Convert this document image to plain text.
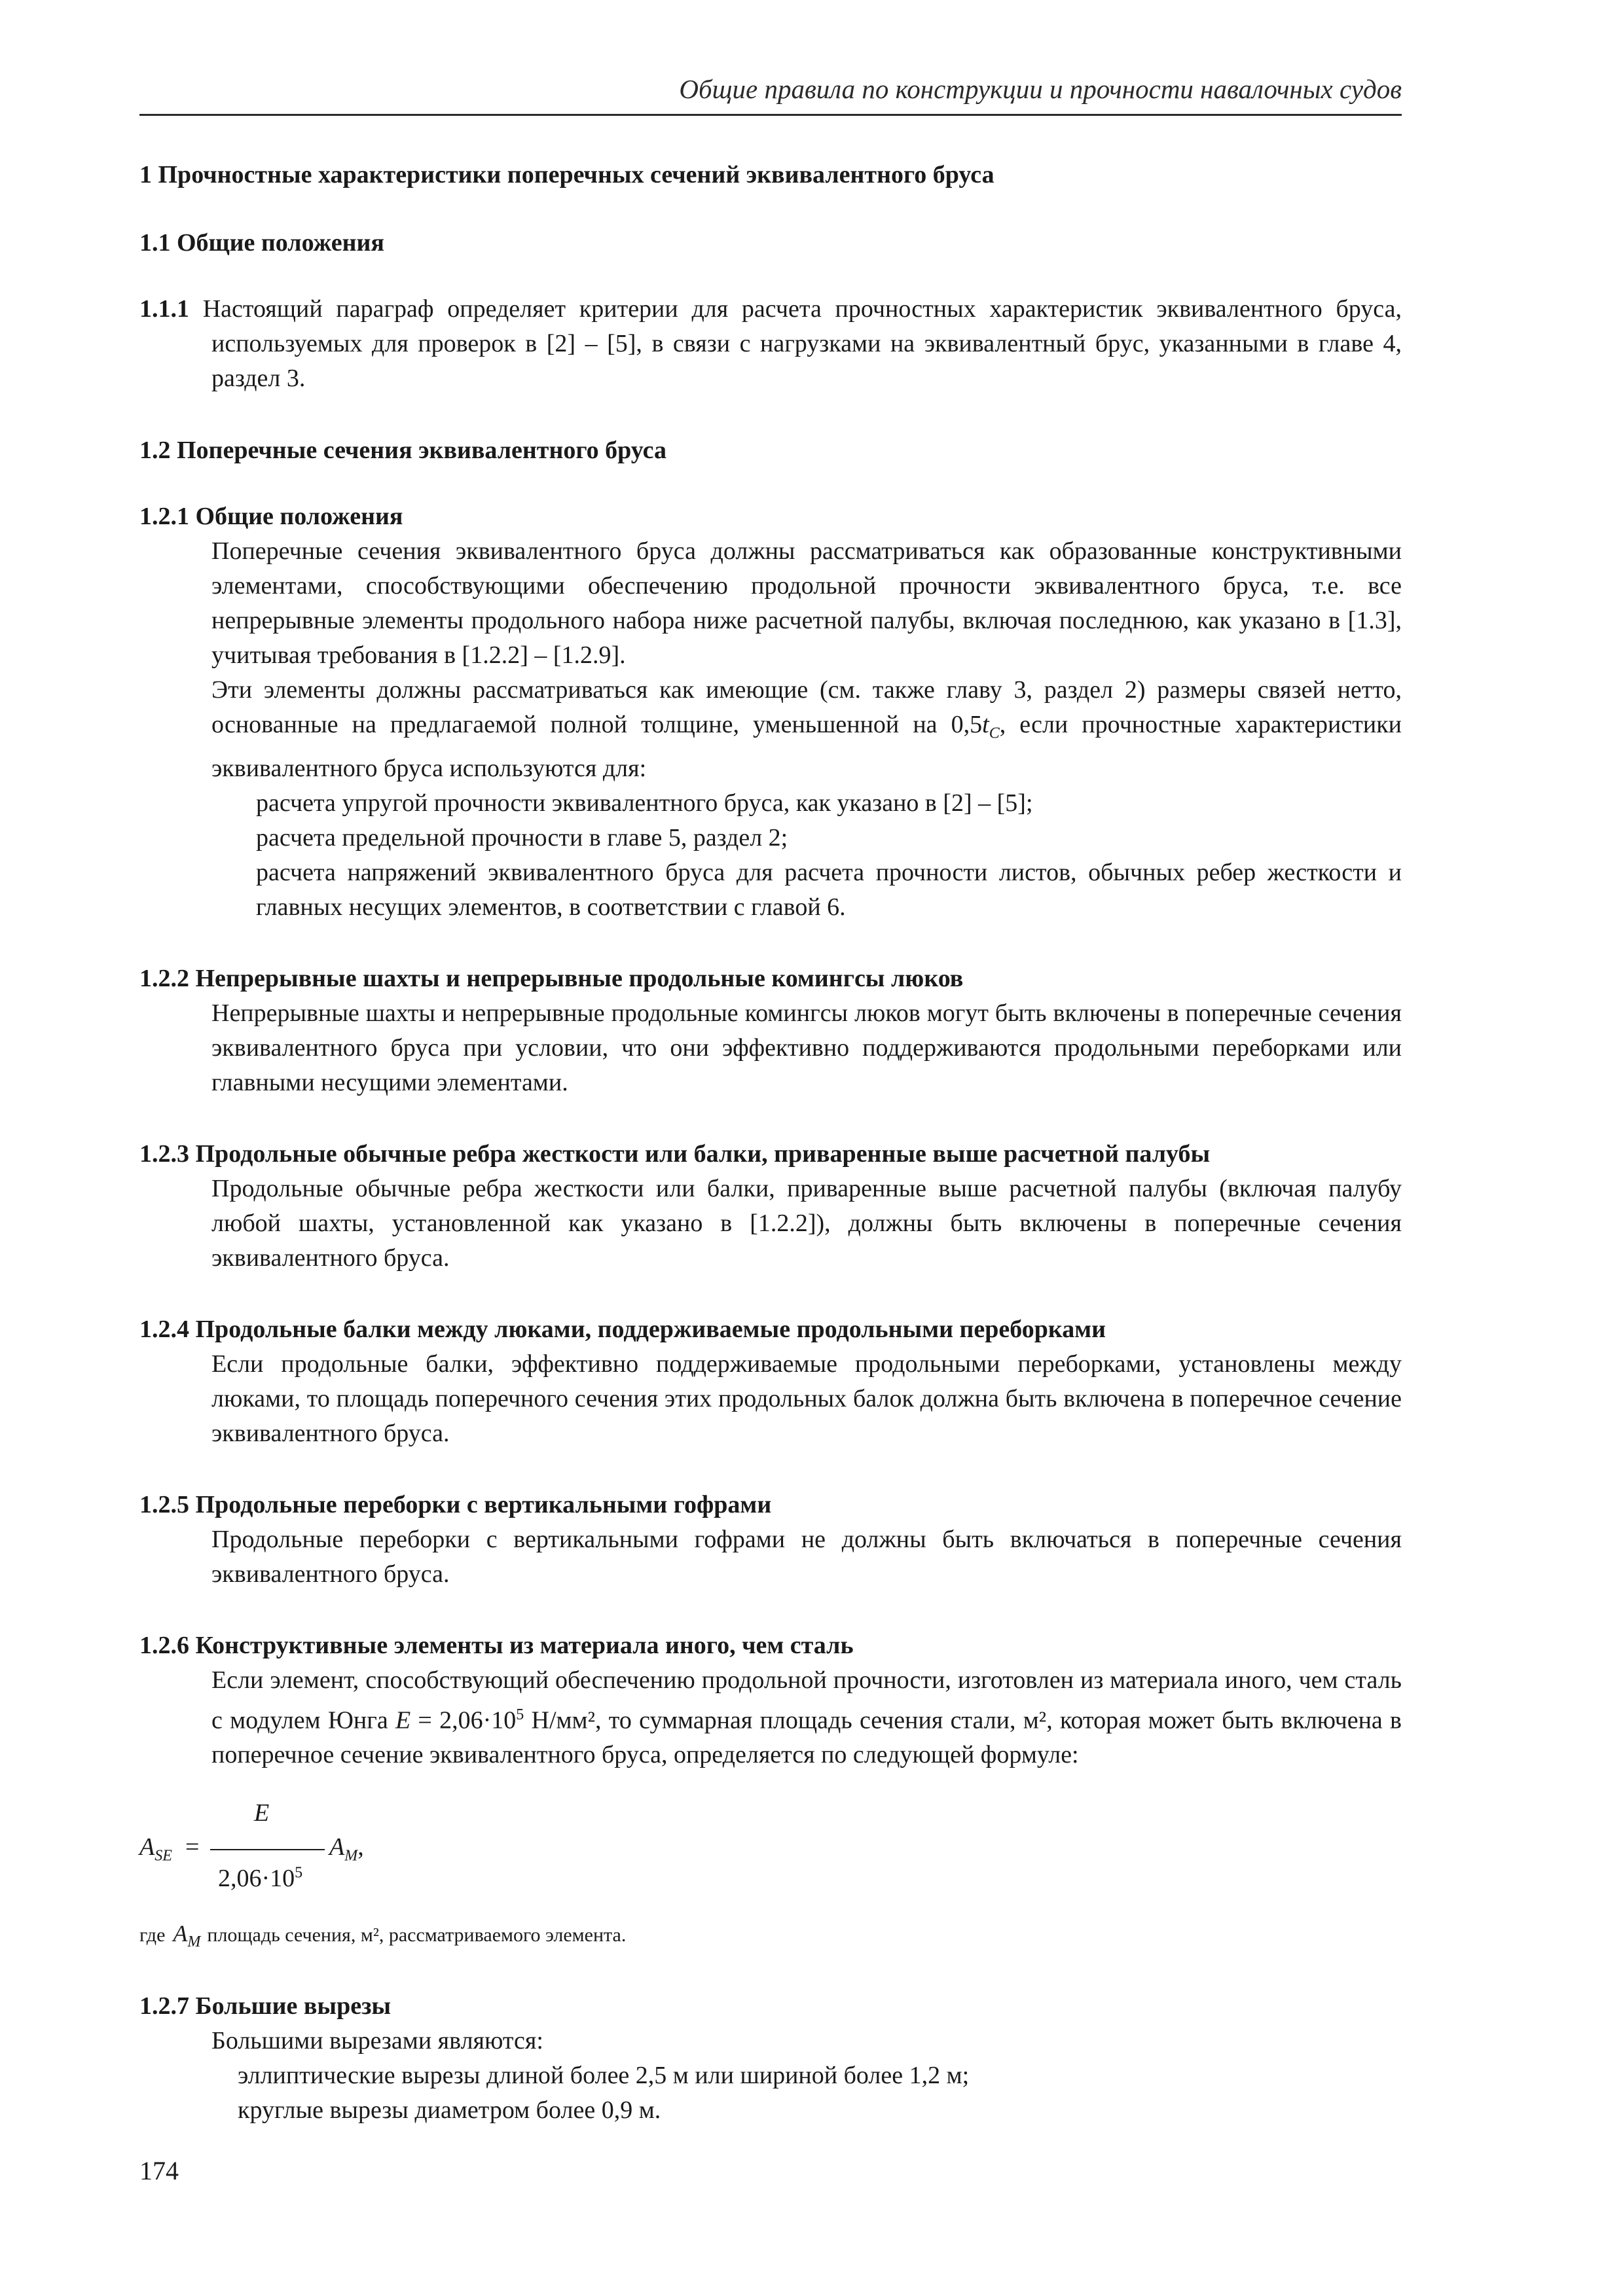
Общие правила по конструкции и прочности навалочных судов
1 Прочностные характеристики поперечных сечений эквивалентного бруса
1.1 Общие положения
1.1.1 Настоящий параграф определяет критерии для расчета прочностных характеристик эквивалентного бруса, используемых для проверок в [2] – [5], в связи с нагрузками на эквивалентный брус, указанными в главе 4, раздел 3.
1.2 Поперечные сечения эквивалентного бруса
1.2.1 Общие положения
Поперечные сечения эквивалентного бруса должны рассматриваться как образованные конструктивными элементами, способствующими обеспечению продольной прочности эквивалентного бруса, т.е. все непрерывные элементы продольного набора ниже расчетной палубы, включая последнюю, как указано в [1.3], учитывая требования в [1.2.2] – [1.2.9].
Эти элементы должны рассматриваться как имеющие (см. также главу 3, раздел 2) размеры связей нетто, основанные на предлагаемой полной толщине, уменьшенной на $0,5t_C$, если прочностные характеристики эквивалентного бруса используются для:
расчета упругой прочности эквивалентного бруса, как указано в [2] – [5];
расчета предельной прочности в главе 5, раздел 2;
расчета напряжений эквивалентного бруса для расчета прочности листов, обычных ребер жесткости и главных несущих элементов, в соответствии с главой 6.
1.2.2 Непрерывные шахты и непрерывные продольные комингсы люков
Непрерывные шахты и непрерывные продольные комингсы люков могут быть включены в поперечные сечения эквивалентного бруса при условии, что они эффективно поддерживаются продольными переборками или главными несущими элементами.
1.2.3 Продольные обычные ребра жесткости или балки, приваренные выше расчетной палубы
Продольные обычные ребра жесткости или балки, приваренные выше расчетной палубы (включая палубу любой шахты, установленной как указано в [1.2.2]), должны быть включены в поперечные сечения эквивалентного бруса.
1.2.4 Продольные балки между люками, поддерживаемые продольными переборками
Если продольные балки, эффективно поддерживаемые продольными переборками, установлены между люками, то площадь поперечного сечения этих продольных балок должна быть включена в поперечное сечение эквивалентного бруса.
1.2.5 Продольные переборки с вертикальными гофрами
Продольные переборки с вертикальными гофрами не должны быть включаться в поперечные сечения эквивалентного бруса.
1.2.6 Конструктивные элементы из материала иного, чем сталь
Если элемент, способствующий обеспечению продольной прочности, изготовлен из материала иного, чем сталь с модулем Юнга $E = 2,06\cdot 10^5$ Н/мм², то суммарная площадь сечения стали, м², которая может быть включена в поперечное сечение эквивалентного бруса, определяется по следующей формуле:
$A_{SE}$ =
E
$2,06\cdot 10^5$
$A_M$,
где $A_M$ площадь сечения, м², рассматриваемого элемента.
1.2.7 Большие вырезы
Большими вырезами являются:
эллиптические вырезы длиной более 2,5 м или шириной более 1,2 м;
круглые вырезы диаметром более 0,9 м.
174
